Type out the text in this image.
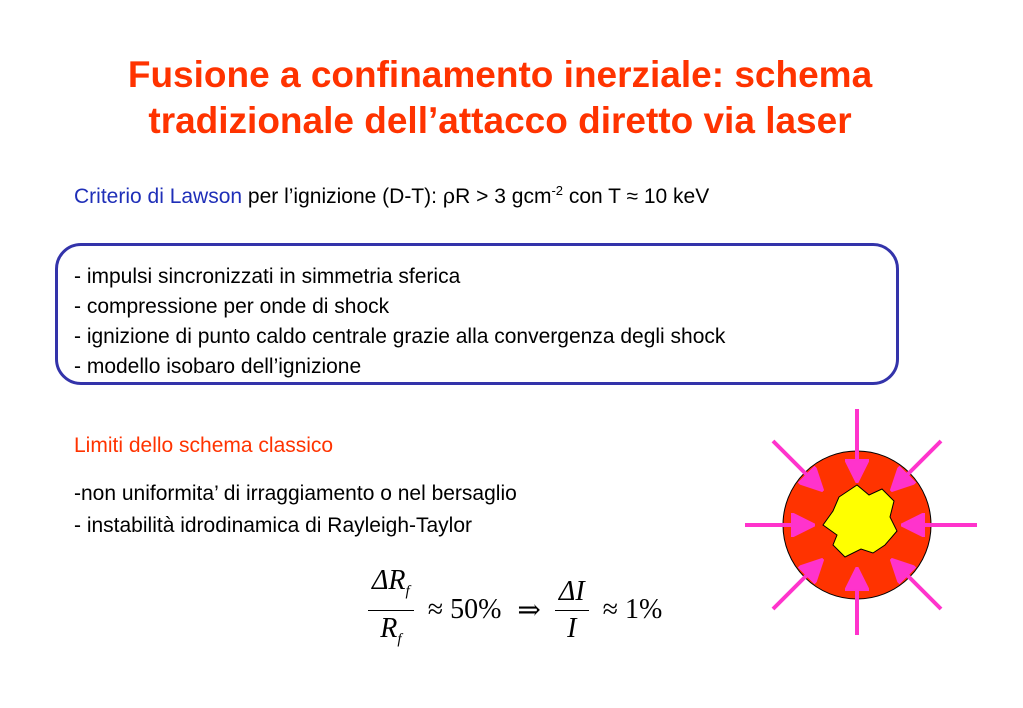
Fusione a confinamento inerziale: schema
tradizionale dell’attacco diretto via laser
Criterio di Lawson per l’ignizione (D-T): ρR > 3 gcm$^{-2}$ con T ≈ 10 keV
- impulsi sincronizzati in simmetria sferica
- compressione per onde di shock
- ignizione di punto caldo centrale grazie alla convergenza degli shock
- modello isobaro dell’ignizione
Limiti dello schema classico
-non uniformita’ di irraggiamento o nel bersaglio
- instabilità idrodinamica di Rayleigh-Taylor
$\frac{\Delta R_f}{R_f} \approx 50\%$ ⇒ $\frac{\Delta I}{I} \approx 1\%$
